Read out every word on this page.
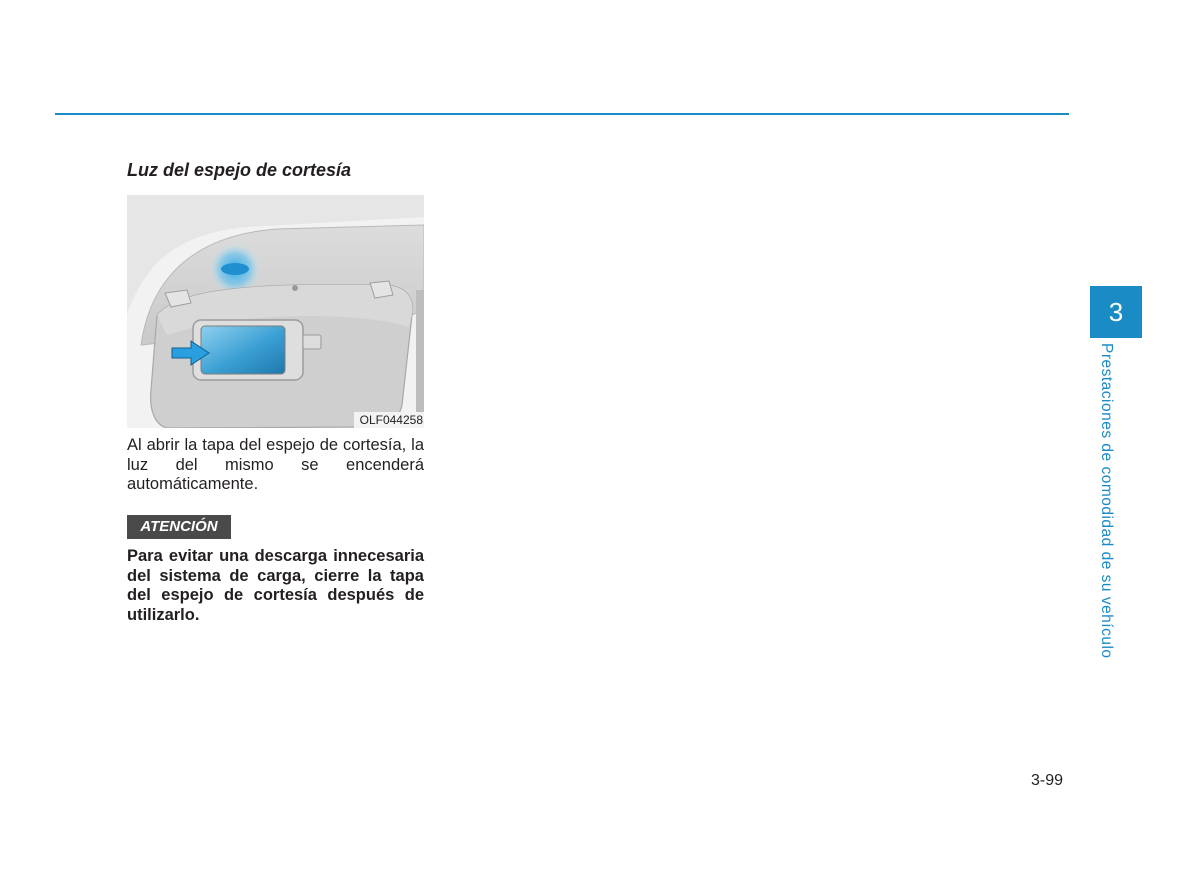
Luz del espejo de cortesía
OLF044258

Al abrir la tapa del espejo de cortesía, la luz del mismo se encenderá automáticamente.

ATENCIÓN

Para evitar una descarga innecesaria del sistema de carga, cierre la tapa del espejo de cortesía después de utilizarlo.

3
Prestaciones de comodidad de su vehículo
3-99
